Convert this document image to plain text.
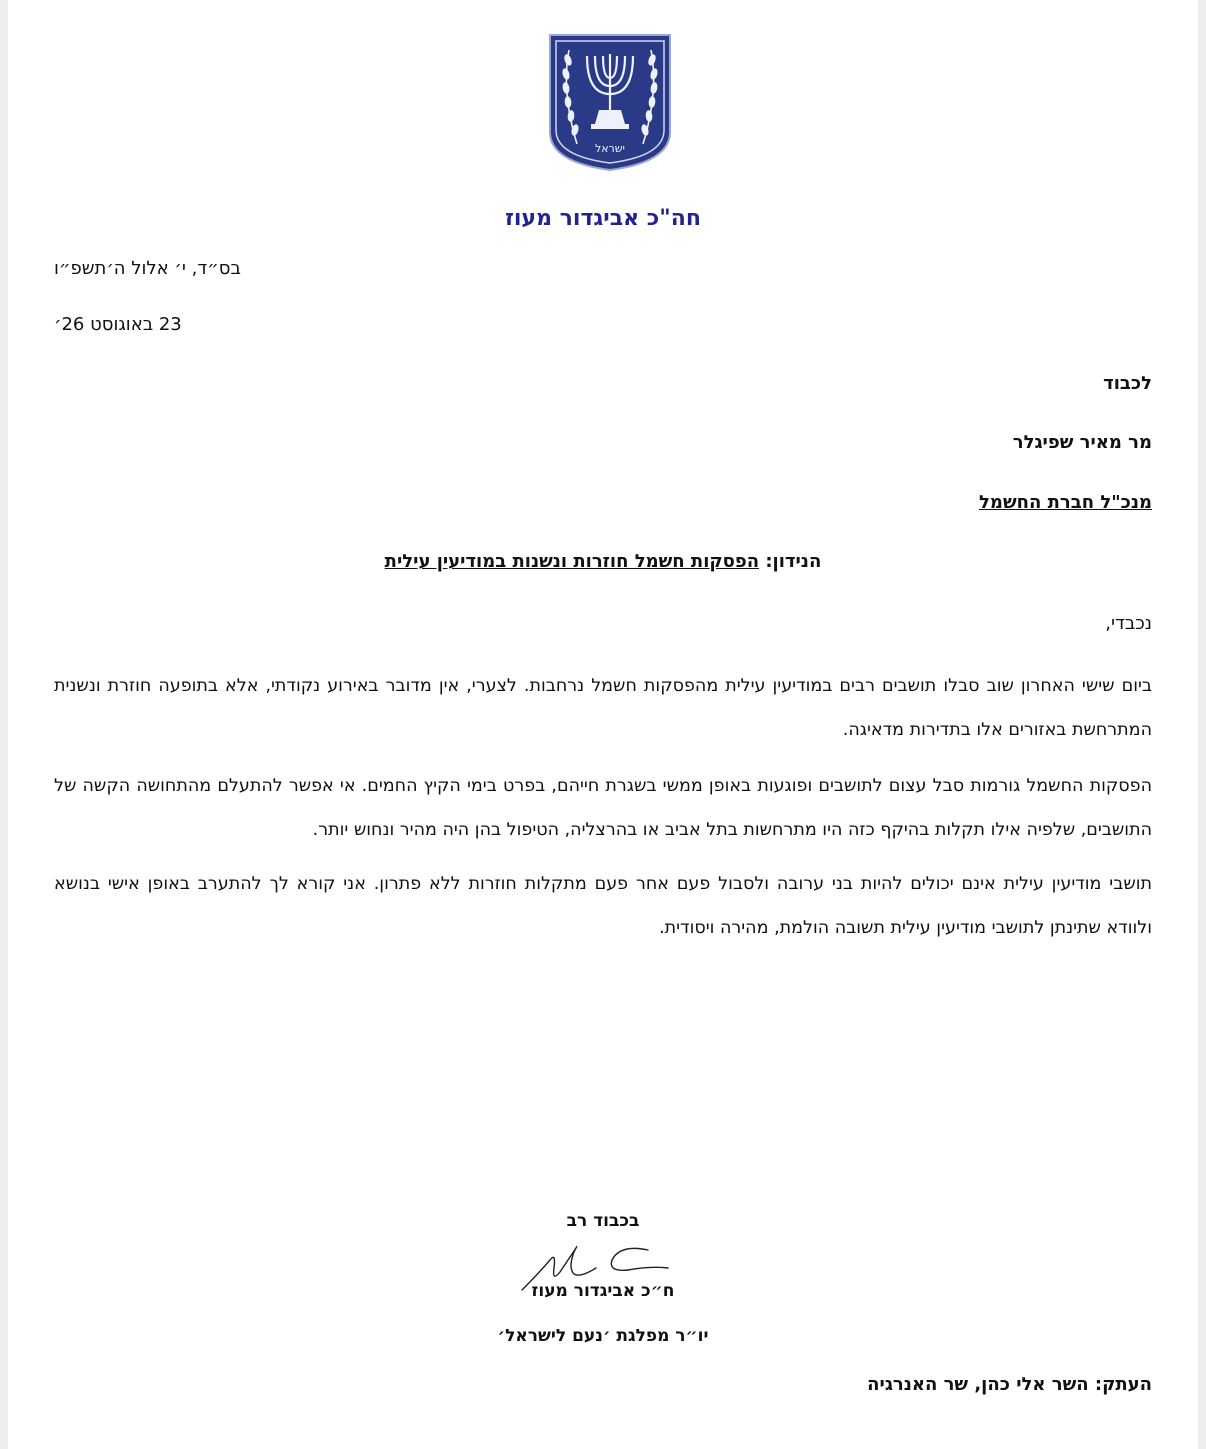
ישראל
חה"כ אביגדור מעוז
בס״ד, י׳ אלול ה׳תשפ״ו
23 באוגוסט 26׳
לכבוד
מר מאיר שפיגלר
מנכ"ל חברת החשמל
הנידון: הפסקות חשמל חוזרות ונשנות במודיעין עילית
נכבדי,
ביום שישי האחרון שוב סבלו תושבים רבים במודיעין עילית מהפסקות חשמל נרחבות. לצערי, אין מדובר באירוע נקודתי, אלא בתופעה חוזרת ונשנית המתרחשת באזורים אלו בתדירות מדאיגה.
הפסקות החשמל גורמות סבל עצום לתושבים ופוגעות באופן ממשי בשגרת חייהם, בפרט בימי הקיץ החמים. אי אפשר להתעלם מהתחושה הקשה של התושבים, שלפיה אילו תקלות בהיקף כזה היו מתרחשות בתל אביב או בהרצליה, הטיפול בהן היה מהיר ונחוש יותר.
תושבי מודיעין עילית אינם יכולים להיות בני ערובה ולסבול פעם אחר פעם מתקלות חוזרות ללא פתרון. אני קורא לך להתערב באופן אישי בנושא ולוודא שתינתן לתושבי מודיעין עילית תשובה הולמת, מהירה ויסודית.
בכבוד רב
ח״כ אביגדור מעוז
יו״ר מפלגת ׳נעם לישראל׳
העתק: השר אלי כהן, שר האנרגיה
